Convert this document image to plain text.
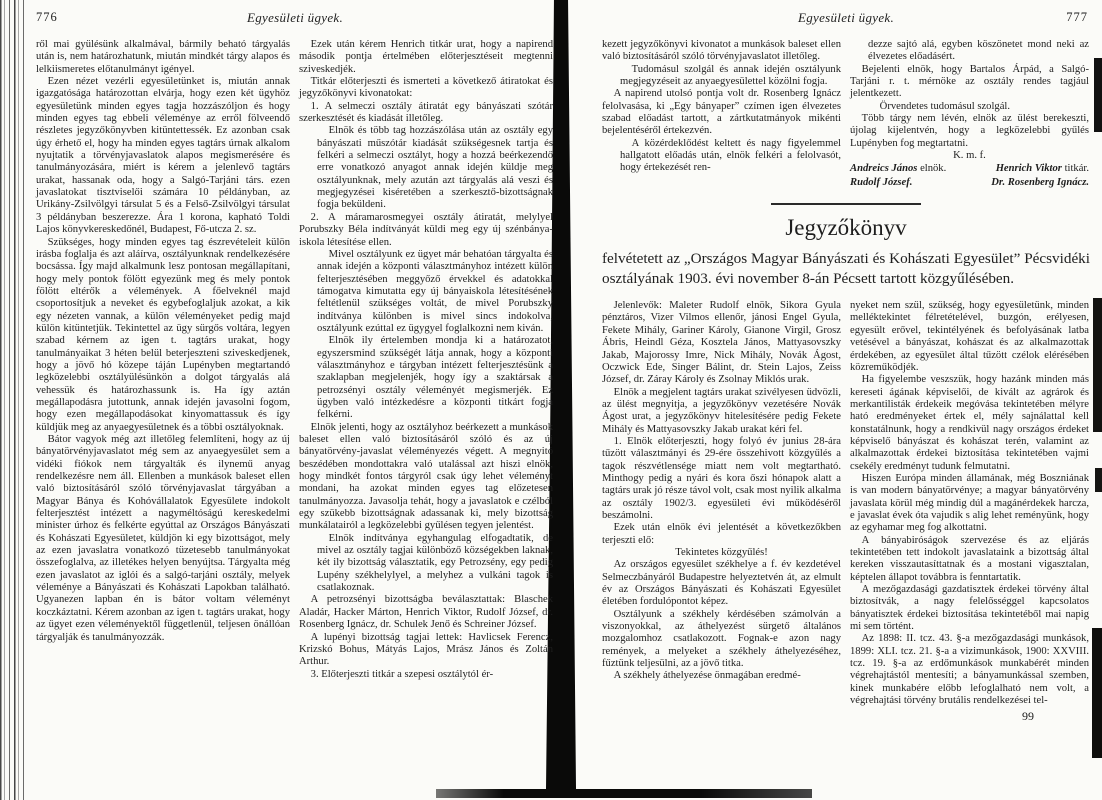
776	Egyesületi ügyek.

ről mai gyülésünk alkalmával, bármily beható tárgyalás után is, nem határozhatunk, miután mindkét tárgy alapos és lelkiismeretes előtanulmányt igényel.

Ezen nézet vezérli egyesületünket is, miután annak igazgatósága határozottan elvárja, hogy ezen két ügyhöz egyesületünk minden egyes tagja hozzászóljon és hogy minden egyes tag ebbeli véleménye az erről fölveendő részletes jegyzőkönyvben kitüntettessék. Ez azonban csak úgy érhető el, hogy ha minden egyes tagtárs úrnak alkalom nyujtatik a törvényjavaslatok alapos megismerésére és tanulmányozására, miért is kérem a jelenlevő tagtárs urakat, hassanak oda, hogy a Salgó-Tarjáni társ. ezen javaslatokat tisztviselői számára 10 példányban, az Urikány-Zsilvölgyi társulat 5 és a Felső-Zsilvölgyi társulat 3 példányban beszerezze. Ára 1 korona, kapható Toldi Lajos könyvkereskedőnél, Budapest, Fő-utcza 2. sz.

Szükséges, hogy minden egyes tag észrevételeit külön irásba foglalja és azt aláírva, osztályunknak rendelkezésére bocsássa. Így majd alkalmunk lesz pontosan megállapítani, hogy mely pontok fölött egyezünk meg és mely pontok fölött eltérők a vélemények. A főelveknél majd csoportosítjuk a neveket és egybefoglaljuk azokat, a kik egy nézeten vannak, a külön véleményeket pedig majd külön kitüntetjük. Tekintettel az ügy sürgős voltára, legyen szabad kérnem az igen t. tagtárs urakat, hogy tanulmányaikat 3 héten belül beterjeszteni sziveskedjenek, hogy a jövő hó közepe táján Lupényben megtartandó legközelebbi osztályülésünkön a dolgot tárgyalás alá vehessük és határozhassunk is. Ha így aztán megállapodásra jutottunk, annak idején javasolni fogom, hogy ezen megállapodásokat kinyomattassuk és így küldjük meg az anyaegyesületnek és a többi osztályoknak.

Bátor vagyok még azt illetőleg felemlíteni, hogy az új bányatörvényjavaslatot még sem az anyaegyesület sem a vidéki fiókok nem tárgyalták és ilynemű anyag rendelkezésre nem áll. Ellenben a munkások baleset ellen való biztosításáról szóló törvényjavaslat tárgyában a Magyar Bánya és Kohóvállalatok Egyesülete indokolt felterjesztést intézett a nagyméltóságú kereskedelmi minister úrhoz és felkérte egyúttal az Országos Bányászati és Kohászati Egyesületet, küldjön ki egy bizottságot, mely az ezen javaslatra vonatkozó tüzetesebb tanulmányokat összefoglalva, az illetékes helyen benyújtsa. Tárgyalta még ezen javaslatot az iglói és a salgó-tarjáni osztály, melyek véleménye a Bányászati és Kohászati Lapokban található. Ugyanezen lapban én is bátor voltam véleményt koczkáztatni. Kérem azonban az igen t. tagtárs urakat, hogy az ügyet ezen véleményektől függetlenül, teljesen önállóan tárgyalják és tanulmányozzák.

Ezek után kérem Henrich titkár urat, hogy a napirend második pontja értelmében előterjesztéseit megtenni sziveskedjék.

Titkár előterjeszti és ismerteti a következő átiratokat és jegyzőkönyvi kivonatokat:

1. A selmeczi osztály átiratát egy bányászati szótár szerkesztését és kiadását illetőleg.

Elnök és több tag hozzászólása után az osztály egy bányászati műszótár kiadását szükségesnek tartja és felkéri a selmeczi osztályt, hogy a hozzá beérkezendő erre vonatkozó anyagot annak idején küldje meg osztályunknak, mely azután azt tárgyalás alá veszi és megjegyzései kiséretében a szerkesztő-bizottságnak fogja beküldeni.

2. A máramarosmegyei osztály átiratát, melylyel Porubszky Béla indítványát küldi meg egy új szénbánya-iskola létesítése ellen.

Mivel osztályunk ez ügyet már behatóan tárgyalta és annak idején a központi választmányhoz intézett külön felterjesztésében meggyőző érvekkel és adatokkal támogatva kimutatta egy új bányaiskola létesítésének feltétlenül szükséges voltát, de mivel Porubszky indítványa különben is mivel sincs indokolva, osztályunk ezúttal ez ügygyel foglalkozni nem kiván.

Elnök ily értelemben mondja ki a határozatot, egyszersmind szükségét látja annak, hogy a központi választmányhoz e tárgyban intézett felterjesztésünk a szaklapban megjelenjék, hogy így a szaktársak a petrozsényi osztály véleményét megismerjék. Ez ügyben való intézkedésre a központi titkárt fogja felkérni.

Elnök jelenti, hogy az osztályhoz beérkezett a munkások baleset ellen való biztosításáról szóló és az új bányatörvény-javaslat véleményezés végett. A megnyitó beszédében mondottakra való utalással azt hiszi elnök, hogy mindkét fontos tárgyról csak úgy lehet véleményt mondani, ha azokat minden egyes tag előzetesen tanulmányozza. Javasolja tehát, hogy a javaslatok e czélból egy szükebb bizottságnak adassanak ki, mely bizottság munkálatairól a legközelebbi gyűlésen tegyen jelentést.

Elnök indítványa egyhangulag elfogadtatik, de mivel az osztály tagjai különböző községekben laknak, két ily bizottság választatik, egy Petrozsény, egy pedig Lupény székhelylyel, a melyhez a vulkáni tagok is csatlakoznak.

A petrozsényi bizottságba beválasztattak: Blaschek Aladár, Hacker Márton, Henrich Viktor, Rudolf József, dr. Rosenberg Ignácz, dr. Schulek Jenő és Schreiner József.

A lupényi bizottság tagjai lettek: Havlicsek Ferencz, Krizskó Bohus, Mátyás Lajos, Mrász János és Zoltán Arthur.

3. Előterjeszti titkár a szepesi osztálytól ér-

Egyesületi ügyek.	777

kezett jegyzőkönyvi kivonatot a munkások baleset ellen való biztosításáról szóló törvényjavaslatot illetőleg.

Tudomásul szolgál és annak idején osztályunk megjegyzéseit az anyaegyesülettel közölni fogja.

A napirend utolsó pontja volt dr. Rosenberg Ignácz felolvasása, ki „Egy bányaper” czímen igen élvezetes szabad előadást tartott, a zártkutatmányok mikénti bejelentéséről értekezvén.

A közérdeklődést keltett és nagy figyelemmel hallgatott előadás után, elnök felkéri a felolvasót, hogy értekezését ren-

dezze sajtó alá, egyben köszönetet mond neki az élvezetes előadásért.

Bejelenti elnök, hogy Bartalos Árpád, a Salgó-Tarjáni r. t. mérnöke az osztály rendes tagjául jelentkezett.

Örvendetes tudomásul szolgál.

Több tárgy nem lévén, elnök az ülést berekeszti, újolag kijelentvén, hogy a legközelebbi gyűlés Lupényben fog megtartatni.

K. m. f.

Andreics János elnök.	Henrich Viktor titkár.
Rudolf József.	Dr. Rosenberg Ignácz.
Jegyzőkönyv

felvétetett az „Országos Magyar Bányászati és Kohászati Egyesület” Pécsvidéki osztályának 1903. évi november 8-án Pécsett tartott közgyűlésében.

Jelenlevők: Maleter Rudolf elnök, Sikora Gyula pénztáros, Vizer Vilmos ellenőr, jánosi Engel Gyula, Fekete Mihály, Gariner Károly, Gianone Virgil, Grosz Ábris, Heindl Géza, Kosztela János, Mattyasovszky Jakab, Majorossy Imre, Nick Mihály, Novák Ágost, Oczwick Ede, Singer Bálint, dr. Stein Lajos, Zeiss József, dr. Záray Károly és Zsolnay Miklós urak.

Elnök a megjelent tagtárs urakat szivélyesen üdvözli, az ülést megnyitja, a jegyzőkönyv vezetésére Novák Ágost urat, a jegyzőkönyv hitelesítésére pedig Fekete Mihály és Mattyasovszky Jakab urakat kéri fel.

1. Elnök előterjeszti, hogy folyó év junius 28-ára tűzött választmányi és 29-ére összehivott közgyűlés a tagok részvétlensége miatt nem volt megtartható. Minthogy pedig a nyári és kora őszi hónapok alatt a tagtárs urak jó része távol volt, csak most nyilik alkalma az osztály 1902/3. egyesületi évi működéséről beszámolni.

Ezek után elnök évi jelentését a következőkben terjeszti elő:

Tekintetes közgyűlés!

Az országos egyesület székhelye a f. év kezdetével Selmeczbányáról Budapestre helyeztetvén át, az elmult év az Országos Bányászati és Kohászati Egyesület életében fordulópontot képez.

Osztályunk a székhely kérdésében számolván a viszonyokkal, az áthelyezést sürgető általános mozgalomhoz csatlakozott. Fognak-e azon nagy remények, a melyeket a székhely áthelyezéséhez, fűztünk teljesülni, az a jövő titka.

A székhely áthelyezése önmagában eredmé-

nyeket nem szül, szükség, hogy egyesületünk, minden melléktekintet félretételével, buzgón, erélyesen, egyesült erővel, tekintélyének és befolyásának latba vetésével a bányászat, kohászat és az alkalmazottak érdekében, az egyesület által tűzött czélok elérésében közreműködjék.

Ha figyelembe veszszük, hogy hazánk minden más kereseti ágának képviselői, de kivált az agrárok és merkantilisták érdekeik megóvása tekintetében mélyre ható eredményeket értek el, mély sajnálattal kell konstatálnunk, hogy a rendkivül nagy országos érdeket képviselő bányászat és kohászat terén, valamint az alkalmazottak érdekei biztosítása tekintetében vajmi csekély eredményt tudunk felmutatni.

Hiszen Európa minden államának, még Boszniának is van modern bányatörvénye; a magyar bányatörvény javaslata körül még mindig dúl a magánérdekek harcza, e javaslat évek óta vajudik s alig lehet reményünk, hogy az egyhamar meg fog alkottatni.

A bányabiróságok szervezése és az eljárás tekintetében tett indokolt javaslataink a bizottság által kereken visszautasíttatnak és a mostani vigasztalan, képtelen állapot továbbra is fenntartatik.

A mezőgazdasági gazdatisztek érdekei törvény által biztosítvák, a nagy felelősséggel kapcsolatos bányatisztek érdekei biztosítása tekintetéből mai napig mi sem történt.

Az 1898: II. tcz. 43. §-a mezőgazdasági munkások, 1899: XLI. tcz. 21. §-a a vizimunkások, 1900: XXVIII. tcz. 19. §-a az erdőmunkások munkabérét minden végrehajtástól mentesíti; a bányamunkással szemben, kinek munkabére előbb lefoglalható nem volt, a végrehajtási törvény brutális rendelkezései tel-

99
